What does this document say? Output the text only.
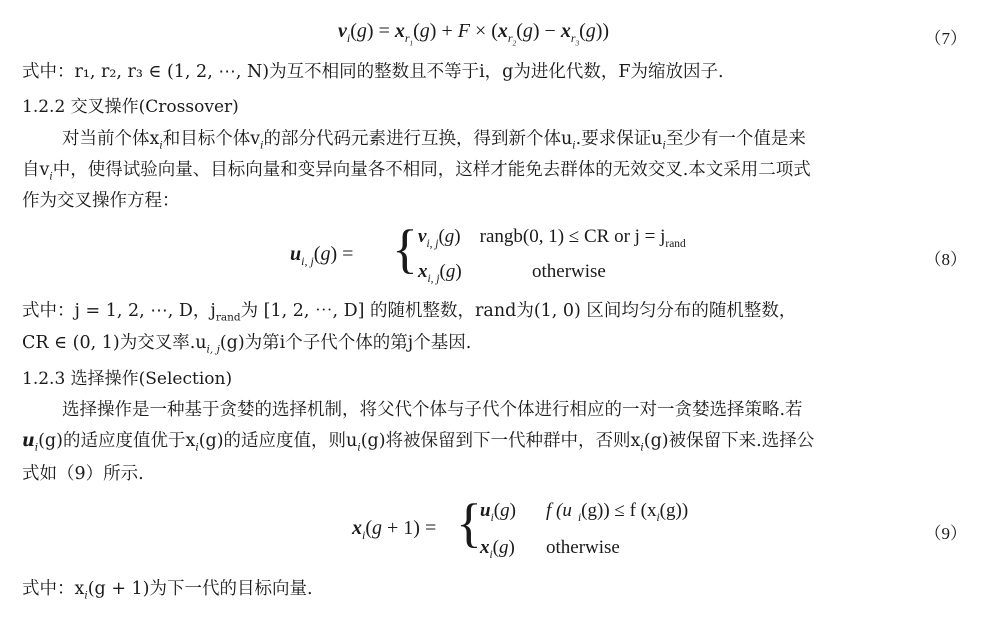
$v_i(g) = x_{r_1}(g) + F \times (x_{r_2}(g) - x_{r_3}(g))$	（7）
式中：r₁, r₂, r₃ ∈ (1, 2, ⋯, N)为互不相同的整数且不等于i，g为进化代数，F为缩放因子.
1.2.2 交叉操作(Crossover)
对当前个体$x_i$和目标个体$v_i$的部分代码元素进行互换，得到新个体$u_i$.要求保证$u_i$至少有一个值是来
自$v_i$中，使得试验向量、目标向量和变异向量各不相同，这样才能免去群体的无效交叉.本文采用二项式
作为交叉操作方程：
$u_{i, j}(g)$ = { $v_{i, j}(g)$    rangb(0, 1) ≤ CR or $j = j_{rand}$
$x_{i, j}(g)$	otherwise
（8）
式中：j = 1, 2, ⋯, D，$j_{rand}$为 [1, 2, ⋯, D] 的随机整数，rand为(1, 0) 区间均匀分布的随机整数，
CR ∈ (0, 1)为交叉率$.u_{i, j}(g)$为第i个子代个体的第j个基因.
1.2.3 选择操作(Selection)
选择操作是一种基于贪婪的选择机制，将父代个体与子代个体进行相应的一对一贪婪选择策略.若
$u_i(g)$的适应度值优于$x_i(g)$的适应度值，则$u_i(g)$将被保留到下一代种群中，否则$x_i(g)$被保留下来.选择公
式如（9）所示.
$x_i(g + 1)$ = {
$u_i(g)$ f (u $_i$(g)) ≤ f $(x_i(g))$
$x_i(g)$ otherwise
（9）
式中：$x_i(g + 1)$为下一代的目标向量.
